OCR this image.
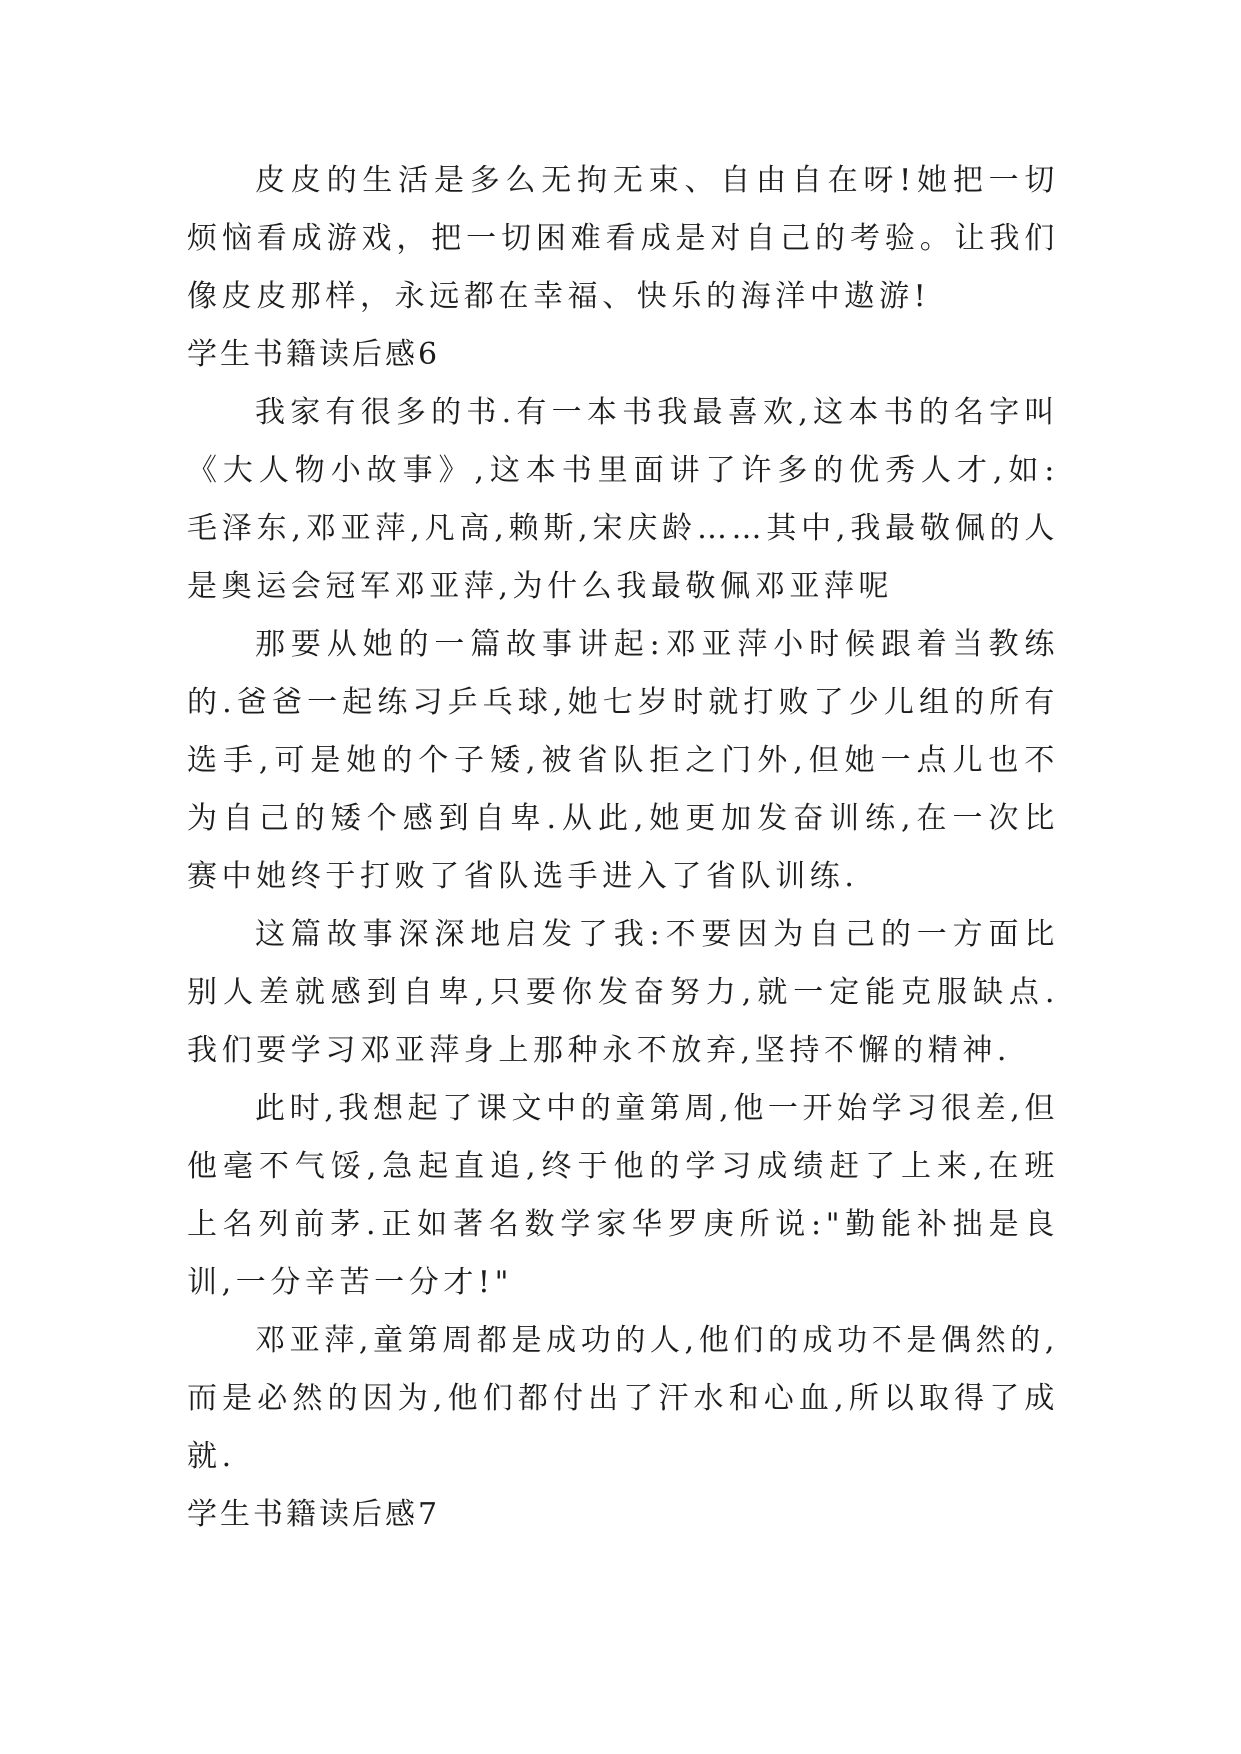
皮皮的生活是多么无拘无束、自由自在呀!她把一切烦恼看成游戏，把一切困难看成是对自己的考验。让我们像皮皮那样，永远都在幸福、快乐的海洋中遨游!

学生书籍读后感6

我家有很多的书.有一本书我最喜欢,这本书的名字叫《大人物小故事》,这本书里面讲了许多的优秀人才,如:毛泽东,邓亚萍,凡高,赖斯,宋庆龄……其中,我最敬佩的人是奥运会冠军邓亚萍,为什么我最敬佩邓亚萍呢

那要从她的一篇故事讲起:邓亚萍小时候跟着当教练的.爸爸一起练习乒乓球,她七岁时就打败了少儿组的所有选手,可是她的个子矮,被省队拒之门外,但她一点儿也不为自己的矮个感到自卑.从此,她更加发奋训练,在一次比赛中她终于打败了省队选手进入了省队训练.

这篇故事深深地启发了我:不要因为自己的一方面比别人差就感到自卑,只要你发奋努力,就一定能克服缺点.我们要学习邓亚萍身上那种永不放弃,坚持不懈的精神.

此时,我想起了课文中的童第周,他一开始学习很差,但他毫不气馁,急起直追,终于他的学习成绩赶了上来,在班上名列前茅.正如著名数学家华罗庚所说:"勤能补拙是良训,一分辛苦一分才!"

邓亚萍,童第周都是成功的人,他们的成功不是偶然的,而是必然的因为,他们都付出了汗水和心血,所以取得了成就.

学生书籍读后感7
